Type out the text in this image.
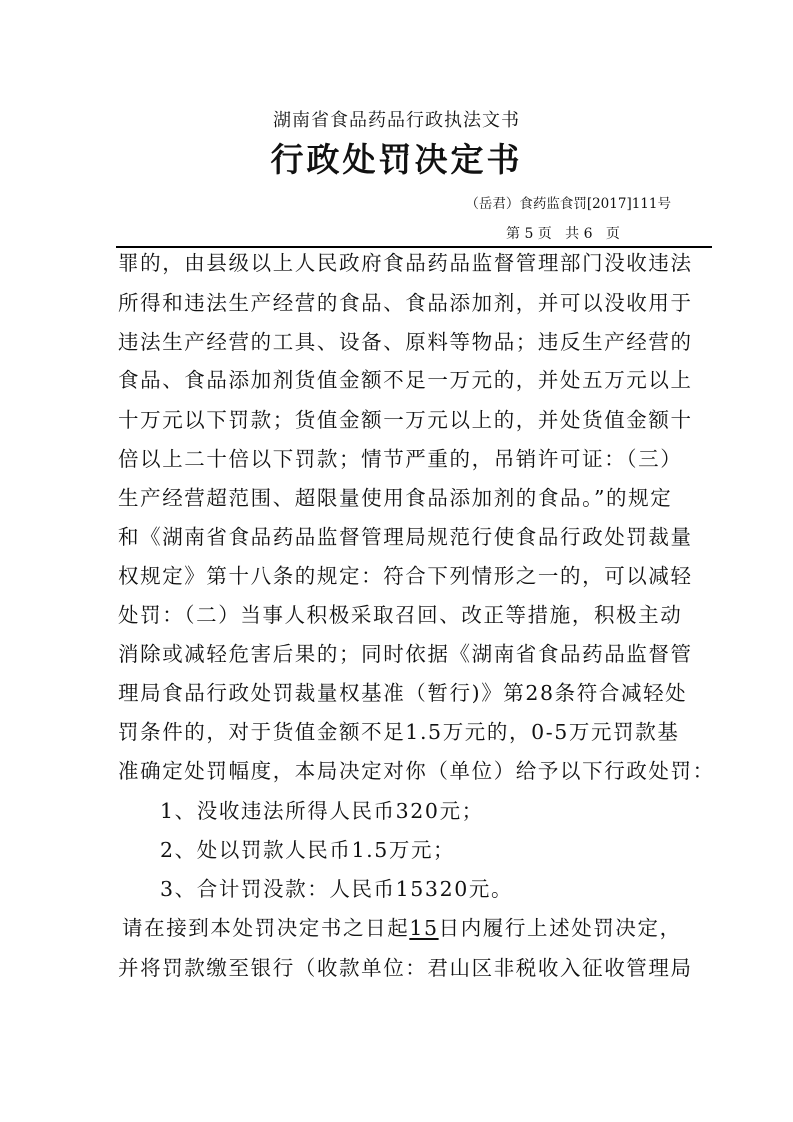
湖南省食品药品行政执法文书
行政处罚决定书
（岳君）食药监食罚[2017]111号
第 5 页   共 6   页
罪的，由县级以上人民政府食品药品监督管理部门没收违法
所得和违法生产经营的食品、食品添加剂，并可以没收用于
违法生产经营的工具、设备、原料等物品；违反生产经营的
食品、食品添加剂货值金额不足一万元的，并处五万元以上
十万元以下罚款；货值金额一万元以上的，并处货值金额十
倍以上二十倍以下罚款；情节严重的，吊销许可证：（三）
生产经营超范围、超限量使用食品添加剂的食品。”的规定
和《湖南省食品药品监督管理局规范行使食品行政处罚裁量
权规定》第十八条的规定：符合下列情形之一的，可以减轻
处罚：（二）当事人积极采取召回、改正等措施，积极主动
消除或减轻危害后果的；同时依据《湖南省食品药品监督管
理局食品行政处罚裁量权基准（暂行)》第28条符合减轻处
罚条件的，对于货值金额不足1.5万元的，0-5万元罚款基
准确定处罚幅度，本局决定对你（单位）给予以下行政处罚：
1、没收违法所得人民币320元；
2、处以罚款人民币1.5万元；
3、合计罚没款：人民币15320元。
请在接到本处罚决定书之日起15日内履行上述处罚决定，
并将罚款缴至银行（收款单位：君山区非税收入征收管理局
